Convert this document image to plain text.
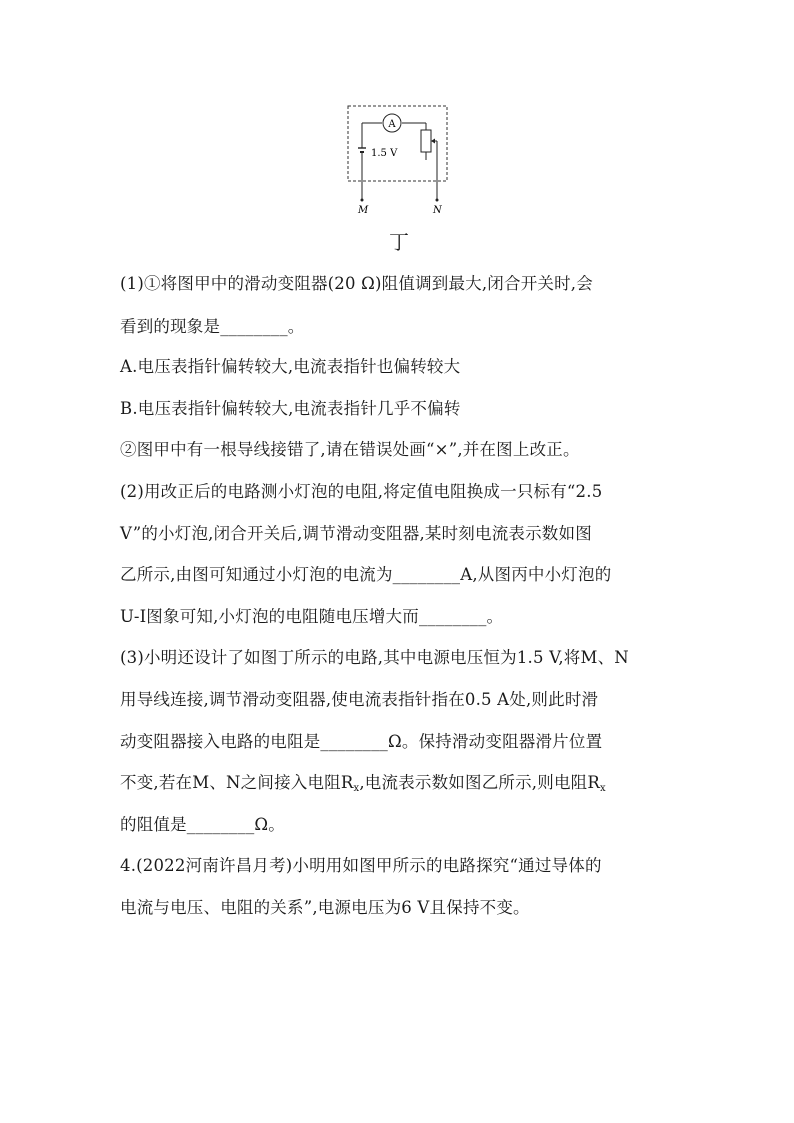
A
1.5 V
M	N
丁
(1)①将图甲中的滑动变阻器(20 Ω)阻值调到最大,闭合开关时,会
看到的现象是________。
A.电压表指针偏转较大,电流表指针也偏转较大
B.电压表指针偏转较大,电流表指针几乎不偏转
②图甲中有一根导线接错了,请在错误处画“×”,并在图上改正。
(2)用改正后的电路测小灯泡的电阻,将定值电阻换成一只标有“2.5
V”的小灯泡,闭合开关后,调节滑动变阻器,某时刻电流表示数如图
乙所示,由图可知通过小灯泡的电流为________A,从图丙中小灯泡的
U-I图象可知,小灯泡的电阻随电压增大而________。
(3)小明还设计了如图丁所示的电路,其中电源电压恒为1.5 V,将M、N
用导线连接,调节滑动变阻器,使电流表指针指在0.5 A处,则此时滑
动变阻器接入电路的电阻是________Ω。保持滑动变阻器滑片位置
不变,若在M、N之间接入电阻$R_x$,电流表示数如图乙所示,则电阻$R_x$
的阻值是________Ω。
4.(2022河南许昌月考)小明用如图甲所示的电路探究“通过导体的
电流与电压、电阻的关系”,电源电压为6 V且保持不变。
